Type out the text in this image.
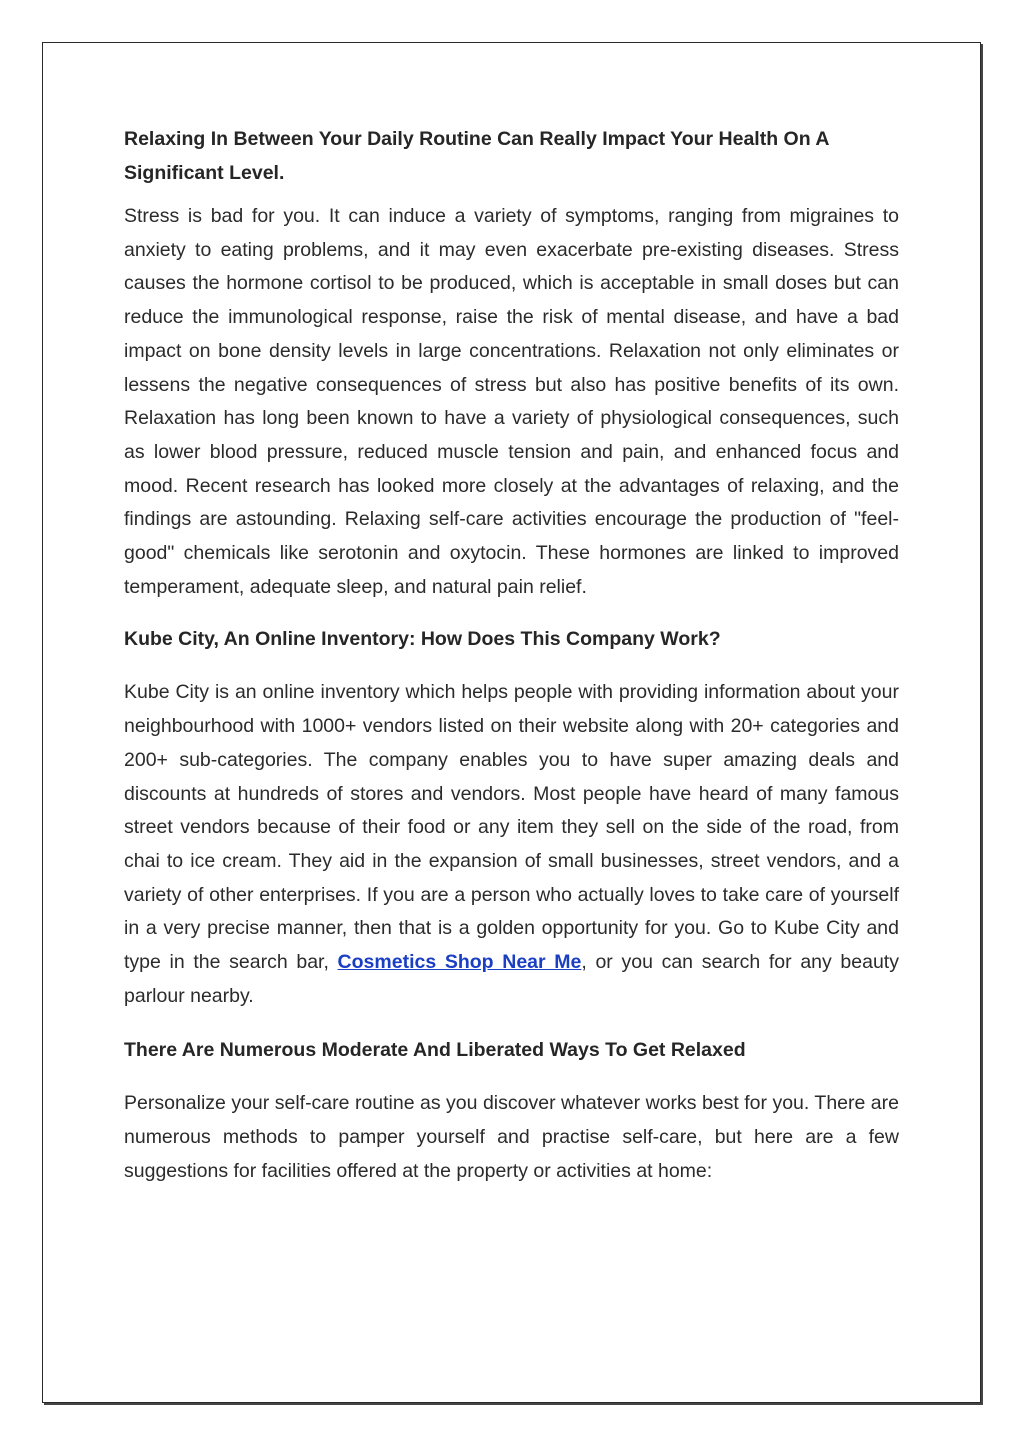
Relaxing In Between Your Daily Routine Can Really Impact Your Health On A Significant Level.

Stress is bad for you. It can induce a variety of symptoms, ranging from migraines to anxiety to eating problems, and it may even exacerbate pre-existing diseases. Stress causes the hormone cortisol to be produced, which is acceptable in small doses but can reduce the immunological response, raise the risk of mental disease, and have a bad impact on bone density levels in large concentrations. Relaxation not only eliminates or lessens the negative consequences of stress but also has positive benefits of its own. Relaxation has long been known to have a variety of physiological consequences, such as lower blood pressure, reduced muscle tension and pain, and enhanced focus and mood. Recent research has looked more closely at the advantages of relaxing, and the findings are astounding. Relaxing self-care activities encourage the production of "feel-good" chemicals like serotonin and oxytocin. These hormones are linked to improved temperament, adequate sleep, and natural pain relief.

Kube City, An Online Inventory: How Does This Company Work?

Kube City is an online inventory which helps people with providing information about your neighbourhood with 1000+ vendors listed on their website along with 20+ categories and 200+ sub-categories. The company enables you to have super amazing deals and discounts at hundreds of stores and vendors. Most people have heard of many famous street vendors because of their food or any item they sell on the side of the road, from chai to ice cream. They aid in the expansion of small businesses, street vendors, and a variety of other enterprises. If you are a person who actually loves to take care of yourself in a very precise manner, then that is a golden opportunity for you. Go to Kube City and type in the search bar, Cosmetics Shop Near Me, or you can search for any beauty parlour nearby.

There Are Numerous Moderate And Liberated Ways To Get Relaxed

Personalize your self-care routine as you discover whatever works best for you. There are numerous methods to pamper yourself and practise self-care, but here are a few suggestions for facilities offered at the property or activities at home:
